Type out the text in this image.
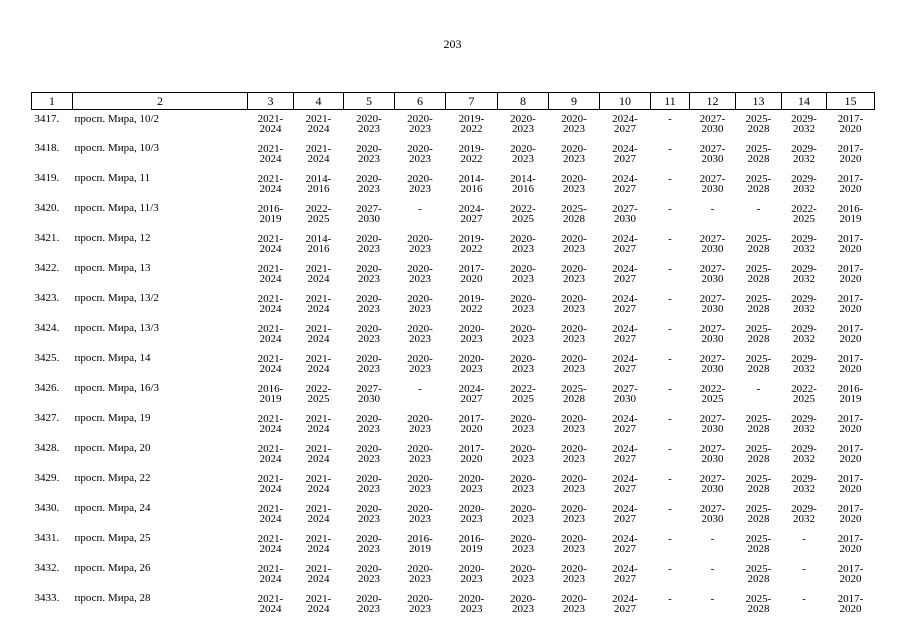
203
1	2	3	4	5	6	7	8	9	10	11	12	13	14	15
3417.	просп. Мира, 10/2	2021-
2024	2021-
2024	2020-
2023	2020-
2023	2019-
2022	2020-
2023	2020-
2023	2024-
2027	-	2027-
2030	2025-
2028	2029-
2032	2017-
2020
3418.	просп. Мира, 10/3	2021-
2024	2021-
2024	2020-
2023	2020-
2023	2019-
2022	2020-
2023	2020-
2023	2024-
2027	-	2027-
2030	2025-
2028	2029-
2032	2017-
2020
3419.	просп. Мира, 11	2021-
2024	2014-
2016	2020-
2023	2020-
2023	2014-
2016	2014-
2016	2020-
2023	2024-
2027	-	2027-
2030	2025-
2028	2029-
2032	2017-
2020
3420.	просп. Мира, 11/3	2016-
2019	2022-
2025	2027-
2030	-	2024-
2027	2022-
2025	2025-
2028	2027-
2030	-	-	-	2022-
2025	2016-
2019
3421.	просп. Мира, 12	2021-
2024	2014-
2016	2020-
2023	2020-
2023	2019-
2022	2020-
2023	2020-
2023	2024-
2027	-	2027-
2030	2025-
2028	2029-
2032	2017-
2020
3422.	просп. Мира, 13	2021-
2024	2021-
2024	2020-
2023	2020-
2023	2017-
2020	2020-
2023	2020-
2023	2024-
2027	-	2027-
2030	2025-
2028	2029-
2032	2017-
2020
3423.	просп. Мира, 13/2	2021-
2024	2021-
2024	2020-
2023	2020-
2023	2019-
2022	2020-
2023	2020-
2023	2024-
2027	-	2027-
2030	2025-
2028	2029-
2032	2017-
2020
3424.	просп. Мира, 13/3	2021-
2024	2021-
2024	2020-
2023	2020-
2023	2020-
2023	2020-
2023	2020-
2023	2024-
2027	-	2027-
2030	2025-
2028	2029-
2032	2017-
2020
3425.	просп. Мира, 14	2021-
2024	2021-
2024	2020-
2023	2020-
2023	2020-
2023	2020-
2023	2020-
2023	2024-
2027	-	2027-
2030	2025-
2028	2029-
2032	2017-
2020
3426.	просп. Мира, 16/3	2016-
2019	2022-
2025	2027-
2030	-	2024-
2027	2022-
2025	2025-
2028	2027-
2030	-	2022-
2025	-	2022-
2025	2016-
2019
3427.	просп. Мира, 19	2021-
2024	2021-
2024	2020-
2023	2020-
2023	2017-
2020	2020-
2023	2020-
2023	2024-
2027	-	2027-
2030	2025-
2028	2029-
2032	2017-
2020
3428.	просп. Мира, 20	2021-
2024	2021-
2024	2020-
2023	2020-
2023	2017-
2020	2020-
2023	2020-
2023	2024-
2027	-	2027-
2030	2025-
2028	2029-
2032	2017-
2020
3429.	просп. Мира, 22	2021-
2024	2021-
2024	2020-
2023	2020-
2023	2020-
2023	2020-
2023	2020-
2023	2024-
2027	-	2027-
2030	2025-
2028	2029-
2032	2017-
2020
3430.	просп. Мира, 24	2021-
2024	2021-
2024	2020-
2023	2020-
2023	2020-
2023	2020-
2023	2020-
2023	2024-
2027	-	2027-
2030	2025-
2028	2029-
2032	2017-
2020
3431.	просп. Мира, 25	2021-
2024	2021-
2024	2020-
2023	2016-
2019	2016-
2019	2020-
2023	2020-
2023	2024-
2027	-	-	2025-
2028	-	2017-
2020
3432.	просп. Мира, 26	2021-
2024	2021-
2024	2020-
2023	2020-
2023	2020-
2023	2020-
2023	2020-
2023	2024-
2027	-	-	2025-
2028	-	2017-
2020
3433.	просп. Мира, 28	2021-
2024	2021-
2024	2020-
2023	2020-
2023	2020-
2023	2020-
2023	2020-
2023	2024-
2027	-	-	2025-
2028	-	2017-
2020
